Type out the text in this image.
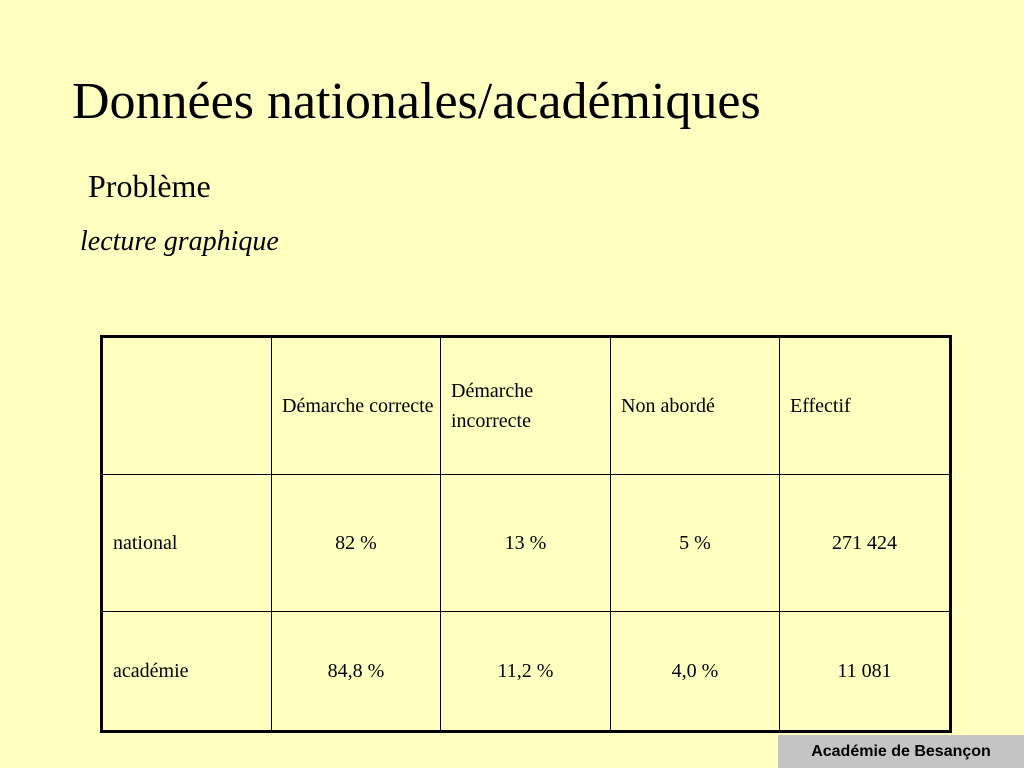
Données nationales/académiques
Problème
lecture graphique
	Démarche correcte	Démarche incorrecte	Non abordé	Effectif
national	82 %	13 %	5 %	271 424
académie	84,8 %	11,2 %	4,0 %	11 081
Académie de Besançon
